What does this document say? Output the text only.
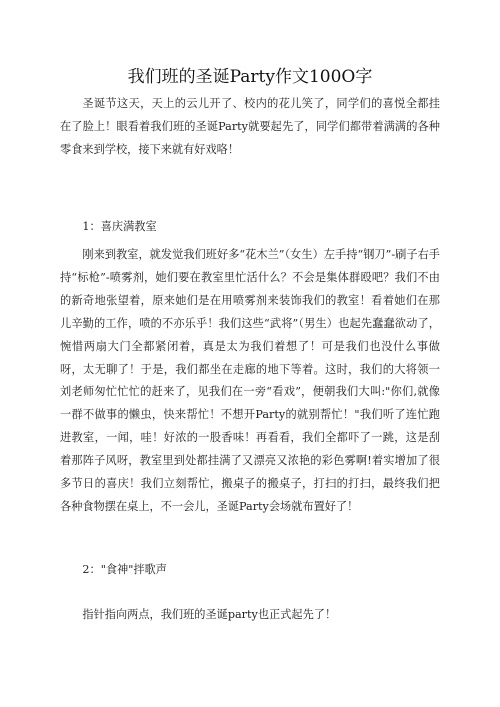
我们班的圣诞Party作文100O字

圣诞节这天，天上的云儿开了、校内的花儿笑了，同学们的喜悦全都挂在了脸上！眼看着我们班的圣诞Party就要起先了，同学们都带着满满的各种零食来到学校，接下来就有好戏咯！

1：喜庆满教室

刚来到教室，就发觉我们班好多“花木兰”（女生）左手持“钢刀”-刷子右手持“标枪”-喷雾剂，她们要在教室里忙活什么？不会是集体群殴吧？我们不由的新奇地张望着，原来她们是在用喷雾剂来装饰我们的教室！看着她们在那儿辛勤的工作，喷的不亦乐乎！我们这些“武将”（男生）也起先蠢蠢欲动了，惋惜两扇大门全都紧闭着，真是太为我们着想了！可是我们也没什么事做呀，太无聊了！于是，我们都坐在走廊的地下等着。这时，我们的大将领一刘老师匆忙忙忙的赶来了，见我们在一旁“看戏”，便朝我们大叫:"你们,就像一群不做事的懒虫，快来帮忙！不想开Party的就别帮忙！"我们听了连忙跑进教室，一闻，哇！好浓的一股香味！再看看，我们全都吓了一跳，这是刮着那阵子风呀，教室里到处都挂满了又漂亮又浓艳的彩色雾啊!着实增加了很多节日的喜庆！我们立刻帮忙，搬桌子的搬桌子，打扫的打扫，最终我们把各种食物摆在桌上，不一会儿，圣诞Party会场就布置好了！

2："食神"拌歌声

指针指向两点，我们班的圣诞party也正式起先了！
